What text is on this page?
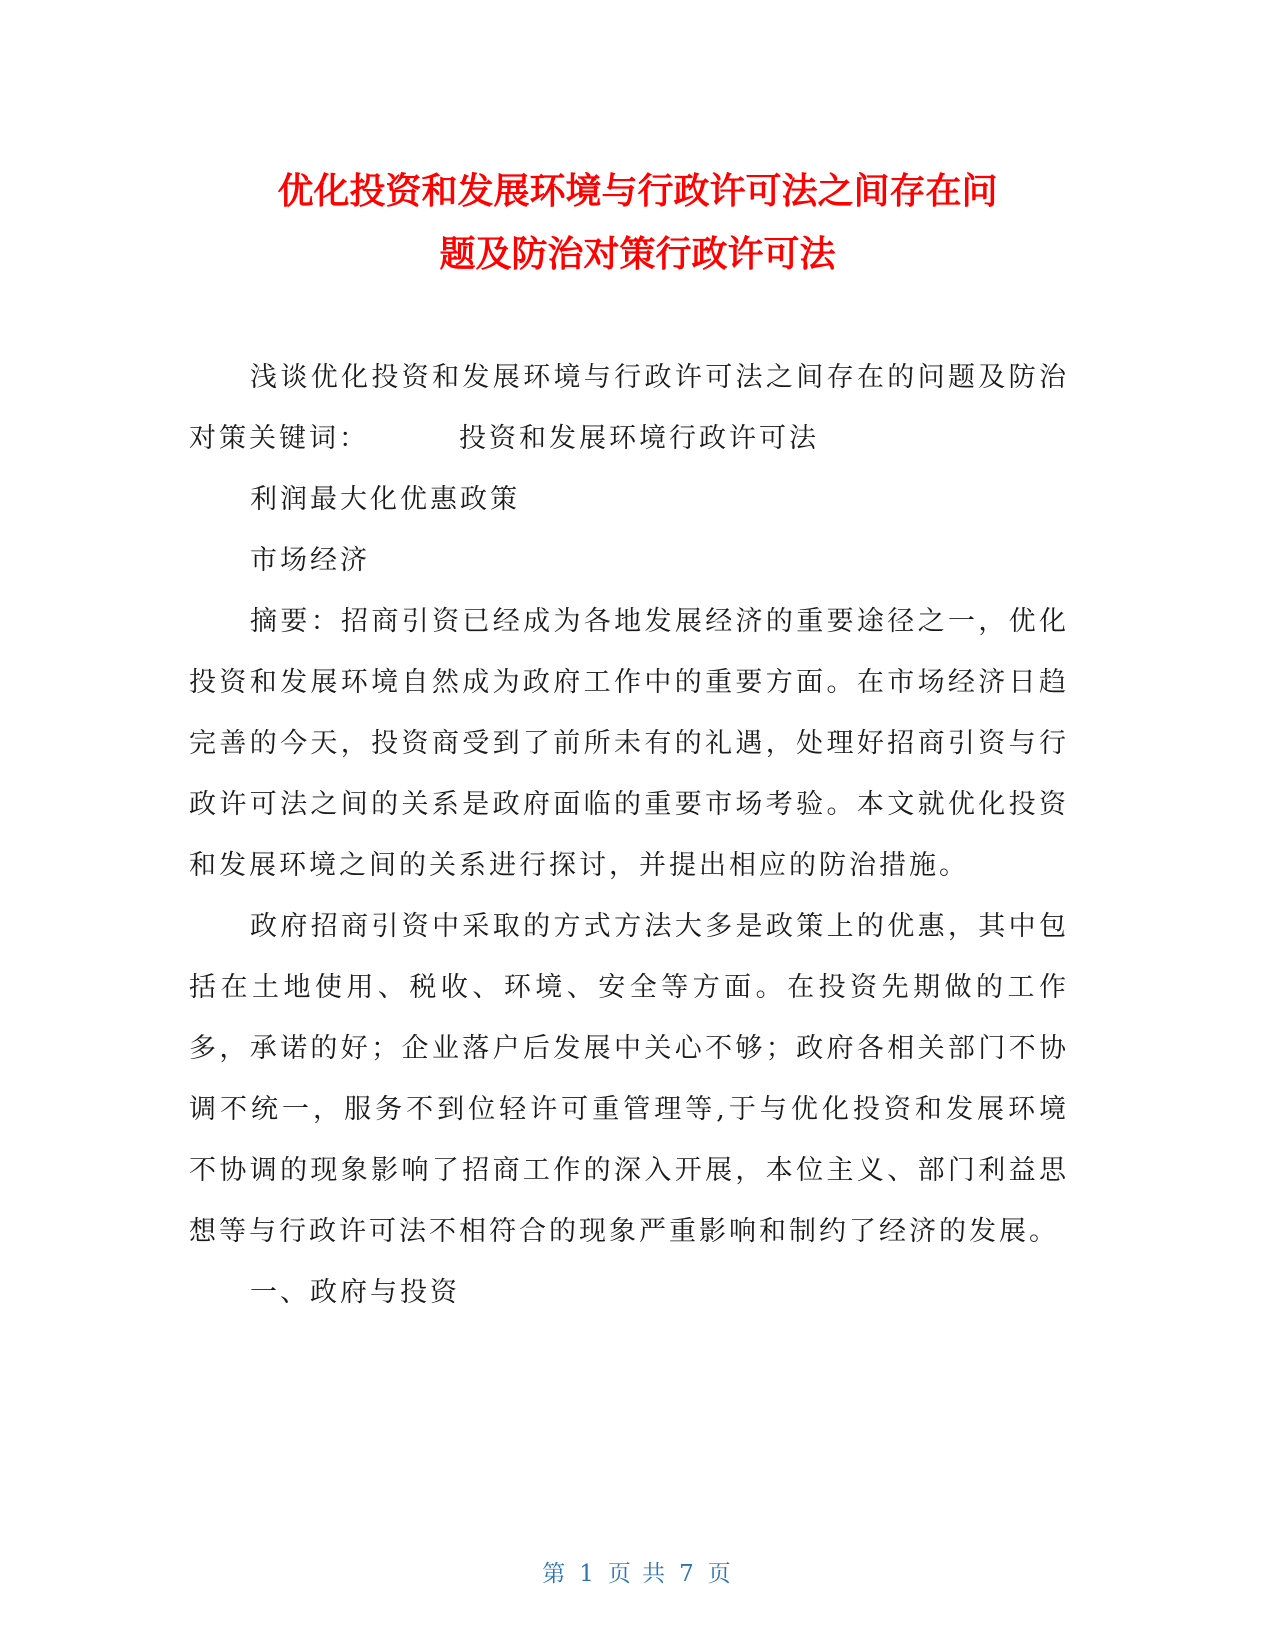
优化投资和发展环境与行政许可法之间存在问
题及防治对策行政许可法

浅谈优化投资和发展环境与行政许可法之间存在的问题及防治对策关键词：	投资和发展环境行政许可法

利润最大化优惠政策

市场经济

摘要：招商引资已经成为各地发展经济的重要途径之一，优化投资和发展环境自然成为政府工作中的重要方面。在市场经济日趋完善的今天，投资商受到了前所未有的礼遇，处理好招商引资与行政许可法之间的关系是政府面临的重要市场考验。本文就优化投资和发展环境之间的关系进行探讨，并提出相应的防治措施。

政府招商引资中采取的方式方法大多是政策上的优惠，其中包括在土地使用、税收、环境、安全等方面。在投资先期做的工作多，承诺的好；企业落户后发展中关心不够；政府各相关部门不协调不统一，服务不到位轻许可重管理等,于与优化投资和发展环境不协调的现象影响了招商工作的深入开展，本位主义、部门利益思想等与行政许可法不相符合的现象严重影响和制约了经济的发展。

一、政府与投资

第 1 页 共 7 页
